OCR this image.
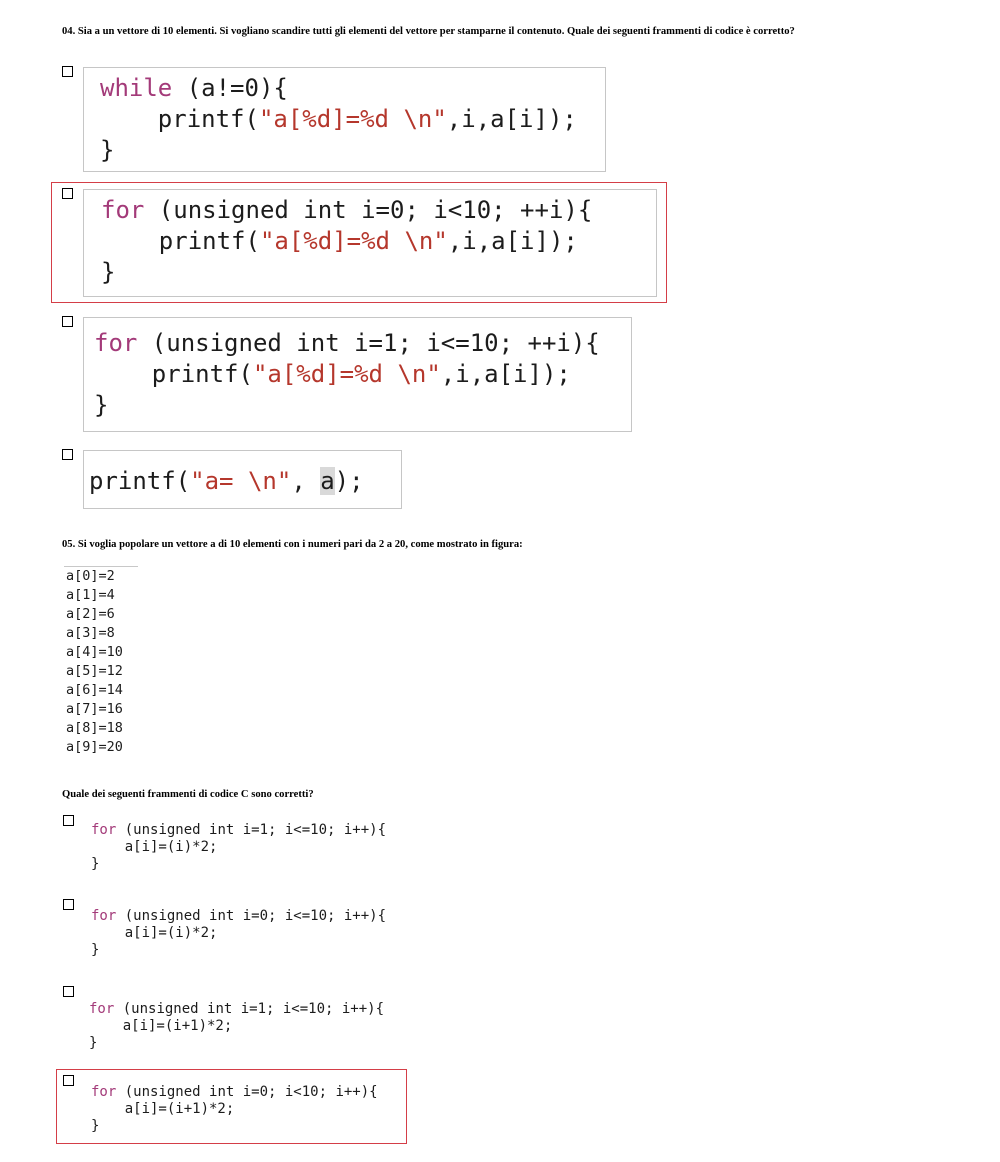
04. Sia a un vettore di 10 elementi. Si vogliano scandire tutti gli elementi del vettore per stamparne il contenuto. Quale dei seguenti frammenti di codice è corretto?
while (a!=0){
printf("a[%d]=%d \n",i,a[i]);
}
for (unsigned int i=0; i<10; ++i){
printf("a[%d]=%d \n",i,a[i]);
}
for (unsigned int i=1; i<=10; ++i){
printf("a[%d]=%d \n",i,a[i]);
}
printf("a= \n", a);
05. Si voglia popolare un vettore a di 10 elementi con i numeri pari da 2 a 20, come mostrato in figura:
a[0]=2
a[1]=4
a[2]=6
a[3]=8
a[4]=10
a[5]=12
a[6]=14
a[7]=16
a[8]=18
a[9]=20
Quale dei seguenti frammenti di codice C sono corretti?
for (unsigned int i=1; i<=10; i++){
a[i]=(i)*2;
}
for (unsigned int i=0; i<=10; i++){
a[i]=(i)*2;
}
for (unsigned int i=1; i<=10; i++){
a[i]=(i+1)*2;
}
for (unsigned int i=0; i<10; i++){
a[i]=(i+1)*2;
}
